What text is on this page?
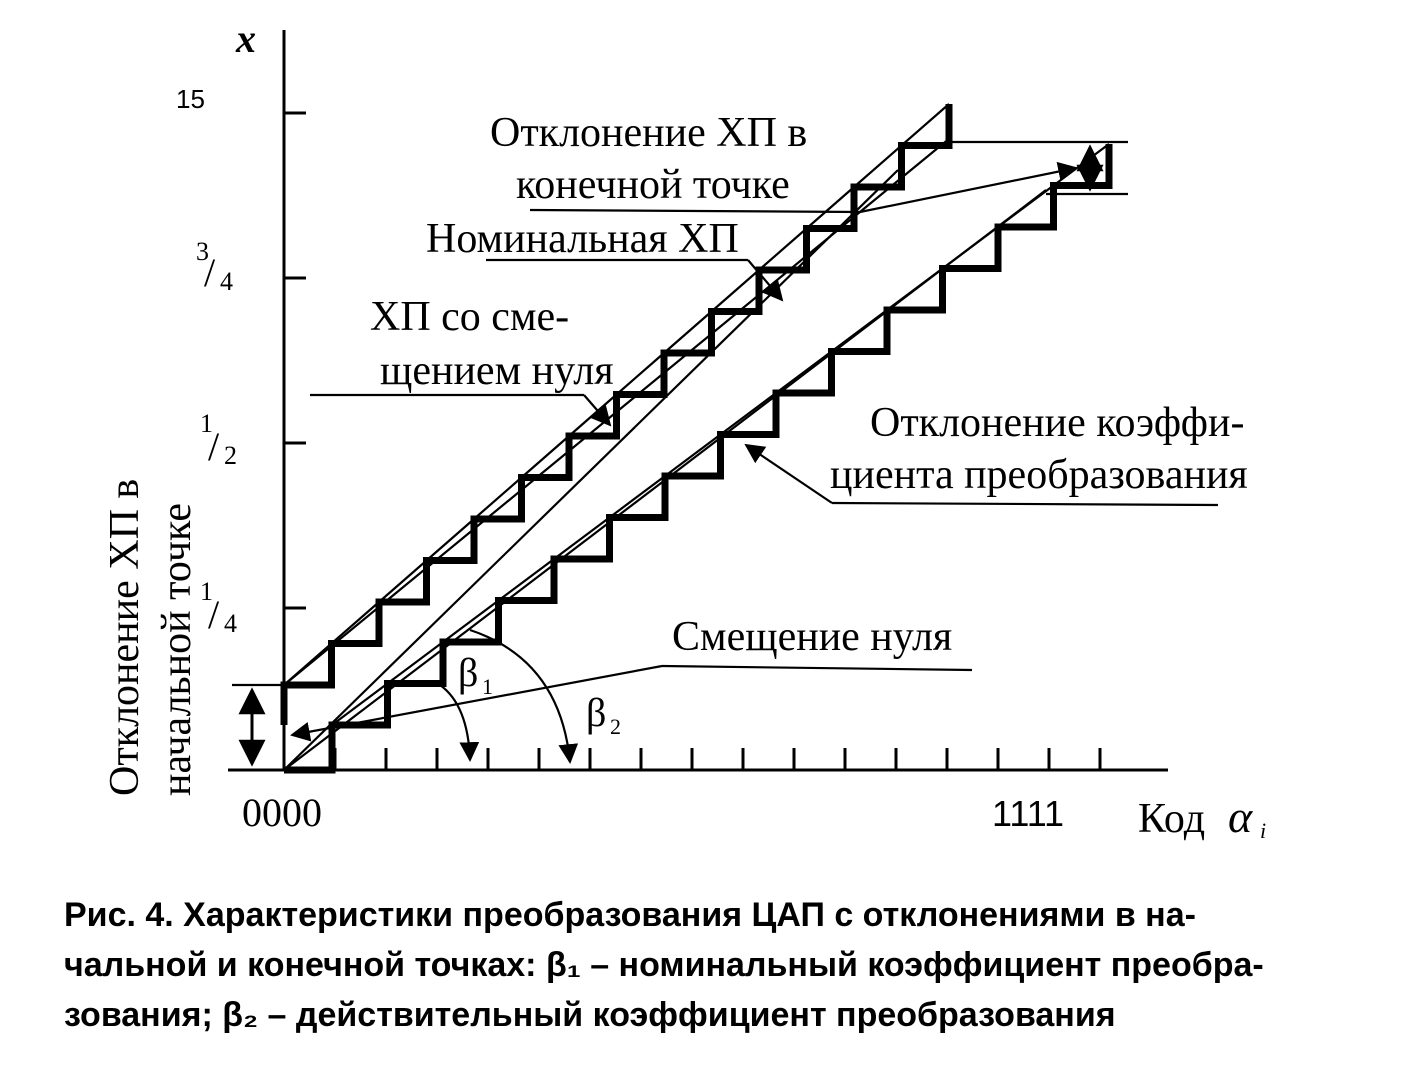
x
15
3
/ 4
1
/ 2
1
/ 4
0000	1111 Код α i
Отклонение ХП в
конечной точке
Номинальная ХП
ХП со сме-
щением нуля
Отклонение коэффи-
циента преобразования
Смещение нуля
β 1
β 2
Отклонение ХП в начальной точке
Рис. 4. Характеристики преобразования ЦАП с отклонениями в на-
чальной и конечной точках: β₁ – номинальный коэффициент преобра-
зования; β₂ – действительный коэффициент преобразования
